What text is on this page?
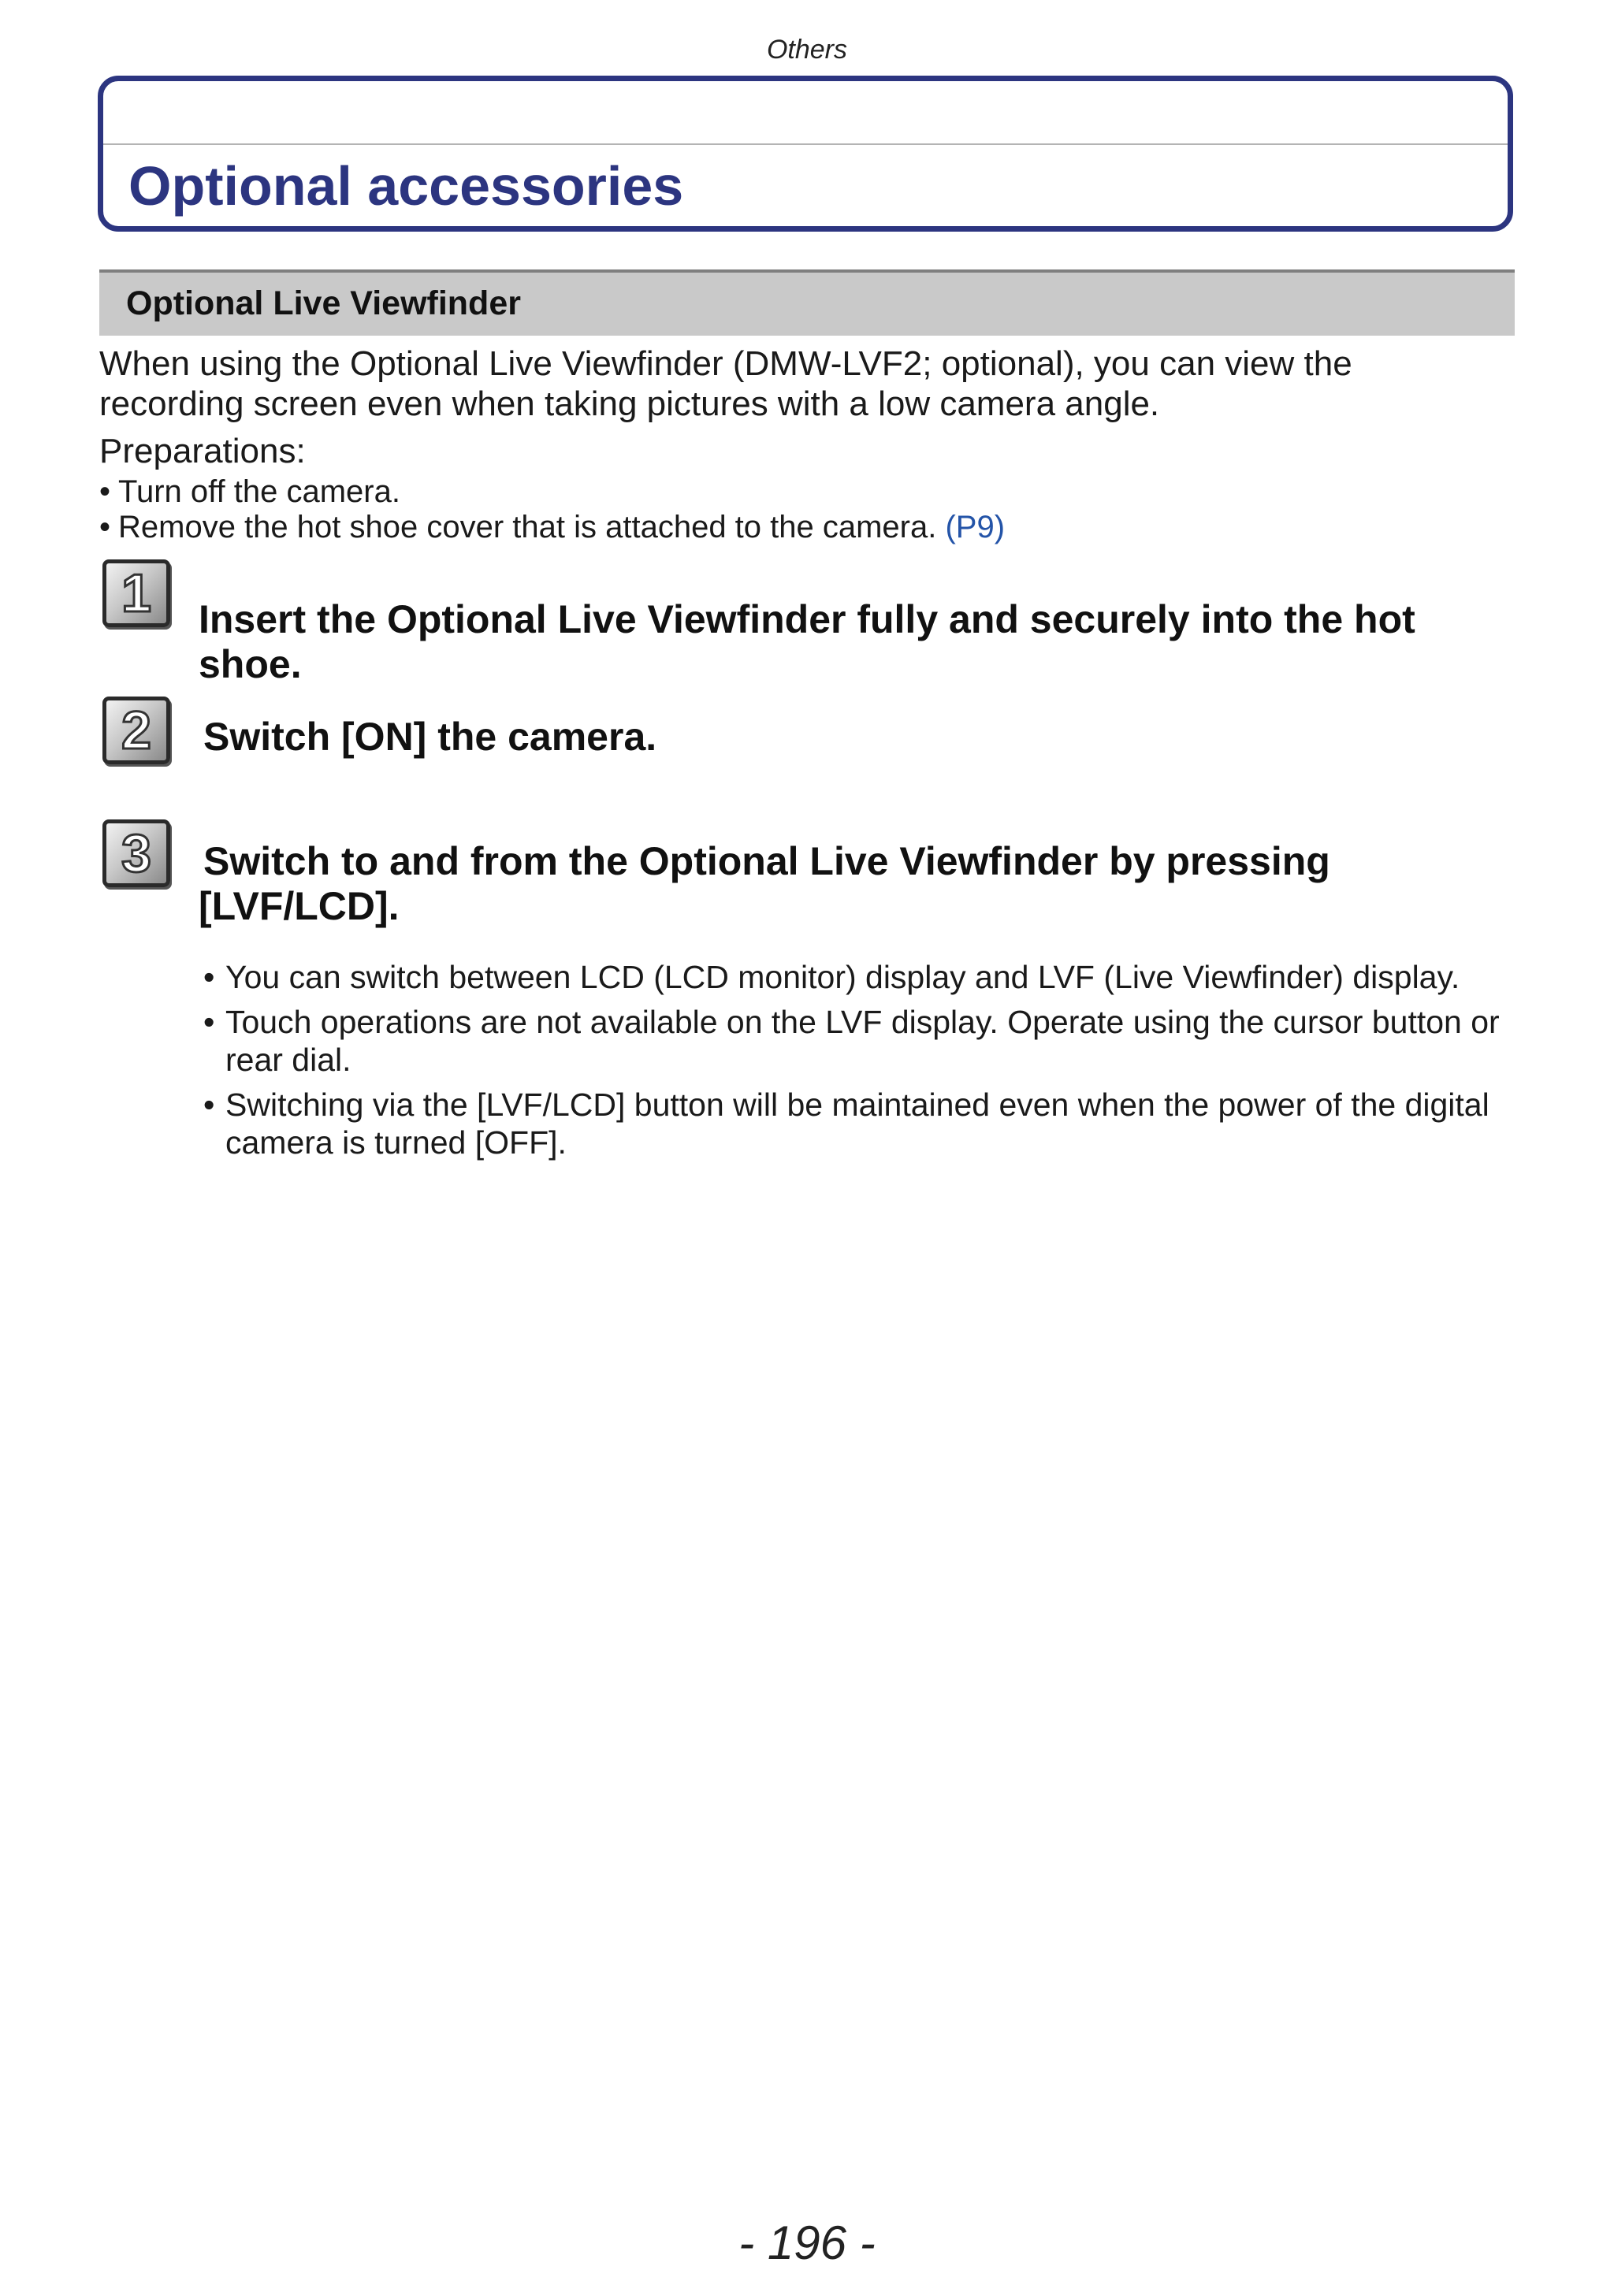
Others
Optional accessories
Optional Live Viewfinder

When using the Optional Live Viewfinder (DMW-LVF2; optional), you can view the recording screen even when taking pictures with a low camera angle.

Preparations:
• Turn off the camera.
• Remove the hot shoe cover that is attached to the camera. (P9)
1	Insert the Optional Live Viewfinder fully and securely into the hot shoe.
2	Switch [ON] the camera.
3	Switch to and from the Optional Live Viewfinder by pressing [LVF/LCD].
• You can switch between LCD (LCD monitor) display and LVF (Live Viewfinder) display.
• Touch operations are not available on the LVF display. Operate using the cursor button or rear dial.
• Switching via the [LVF/LCD] button will be maintained even when the power of the digital camera is turned [OFF].
- 196 -
